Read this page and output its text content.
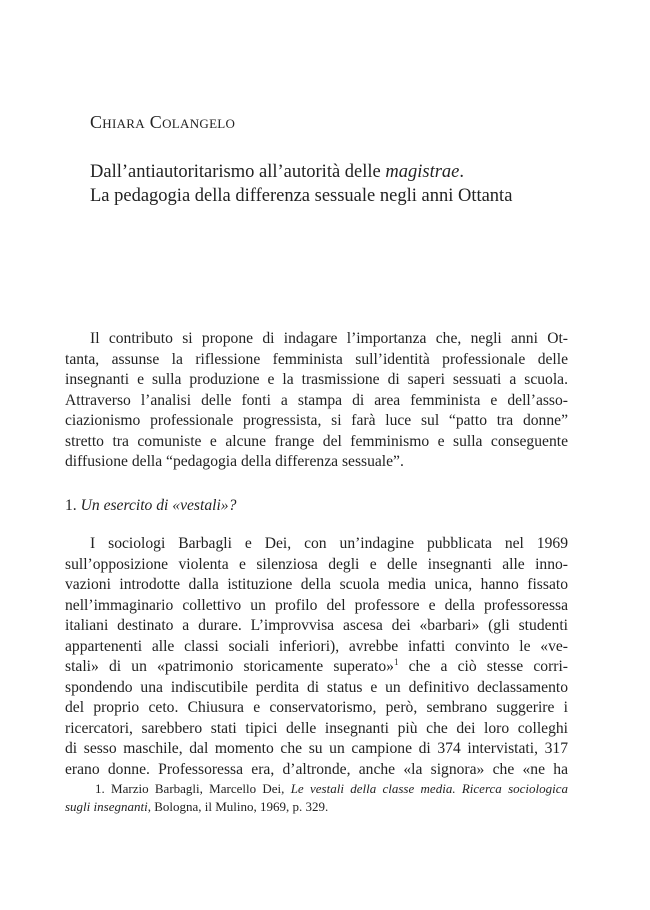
Chiara Colangelo
Dall’antiautoritarismo all’autorità delle magistrae.
La pedagogia della differenza sessuale negli anni Ottanta
Il contributo si propone di indagare l’importanza che, negli anni Ot-
tanta, assunse la riflessione femminista sull’identità professionale delle
insegnanti e sulla produzione e la trasmissione di saperi sessuati a scuola.
Attraverso l’analisi delle fonti a stampa di area femminista e dell’asso-
ciazionismo professionale progressista, si farà luce sul “patto tra donne”
stretto tra comuniste e alcune frange del femminismo e sulla conseguente
diffusione della “pedagogia della differenza sessuale”.
1. Un esercito di «vestali»?
I sociologi Barbagli e Dei, con un’indagine pubblicata nel 1969
sull’opposizione violenta e silenziosa degli e delle insegnanti alle inno-
vazioni introdotte dalla istituzione della scuola media unica, hanno fissato
nell’immaginario collettivo un profilo del professore e della professoressa
italiani destinato a durare. L’improvvisa ascesa dei «barbari» (gli studenti
appartenenti alle classi sociali inferiori), avrebbe infatti convinto le «ve-
stali» di un «patrimonio storicamente superato»$^1$ che a ciò stesse corri-
spondendo una indiscutibile perdita di status e un definitivo declassamento
del proprio ceto. Chiusura e conservatorismo, però, sembrano suggerire i
ricercatori, sarebbero stati tipici delle insegnanti più che dei loro colleghi
di sesso maschile, dal momento che su un campione di 374 intervistati, 317
erano donne. Professoressa era, d’altronde, anche «la signora» che «ne ha
1. Marzio Barbagli, Marcello Dei, Le vestali della classe media. Ricerca sociologica
sugli insegnanti, Bologna, il Mulino, 1969, p. 329.
